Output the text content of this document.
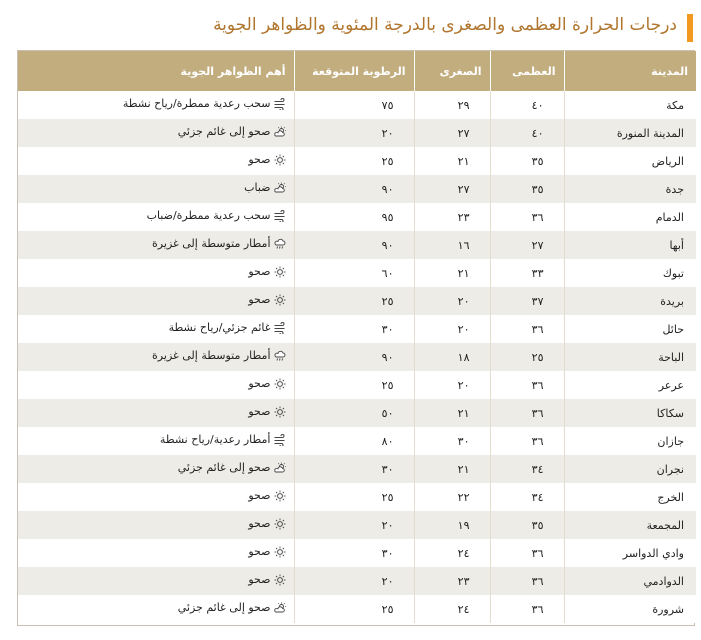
درجات الحرارة العظمى والصغرى بالدرجة المئوية والظواهر الجوية
المدينة	العظمى	الصغرى	الرطوبة المتوقعة	أهم الظواهر الجوية
مكة	٤٠	٢٩	٧٥	سحب رعدية ممطرة/رياح نشطة

المدينة المنورة	٤٠	٢٧	٢٠	صحو إلى غائم جزئي

الرياض	٣٥	٢١	٢٥	صحو

جدة	٣٥	٢٧	٩٠	ضباب

الدمام	٣٦	٢٣	٩٥	سحب رعدية ممطرة/ضباب

أبها	٢٧	١٦	٩٠	أمطار متوسطة إلى غزيرة

تبوك	٣٣	٢١	٦٠	صحو

بريدة	٣٧	٢٠	٢٥	صحو

حائل	٣٦	٢٠	٣٠	غائم جزئي/رياح نشطة

الباحة	٢٥	١٨	٩٠	أمطار متوسطة إلى غزيرة

عرعر	٣٦	٢٠	٢٥	صحو

سكاكا	٣٦	٢١	٥٠	صحو

جازان	٣٦	٣٠	٨٠	أمطار رعدية/رياح نشطة

نجران	٣٤	٢١	٣٠	صحو إلى غائم جزئي

الخرج	٣٤	٢٢	٢٥	صحو

المجمعة	٣٥	١٩	٢٠	صحو

وادي الدواسر	٣٦	٢٤	٣٠	صحو

الدوادمي	٣٦	٢٣	٢٠	صحو

شرورة	٣٦	٢٤	٢٥	صحو إلى غائم جزئي
